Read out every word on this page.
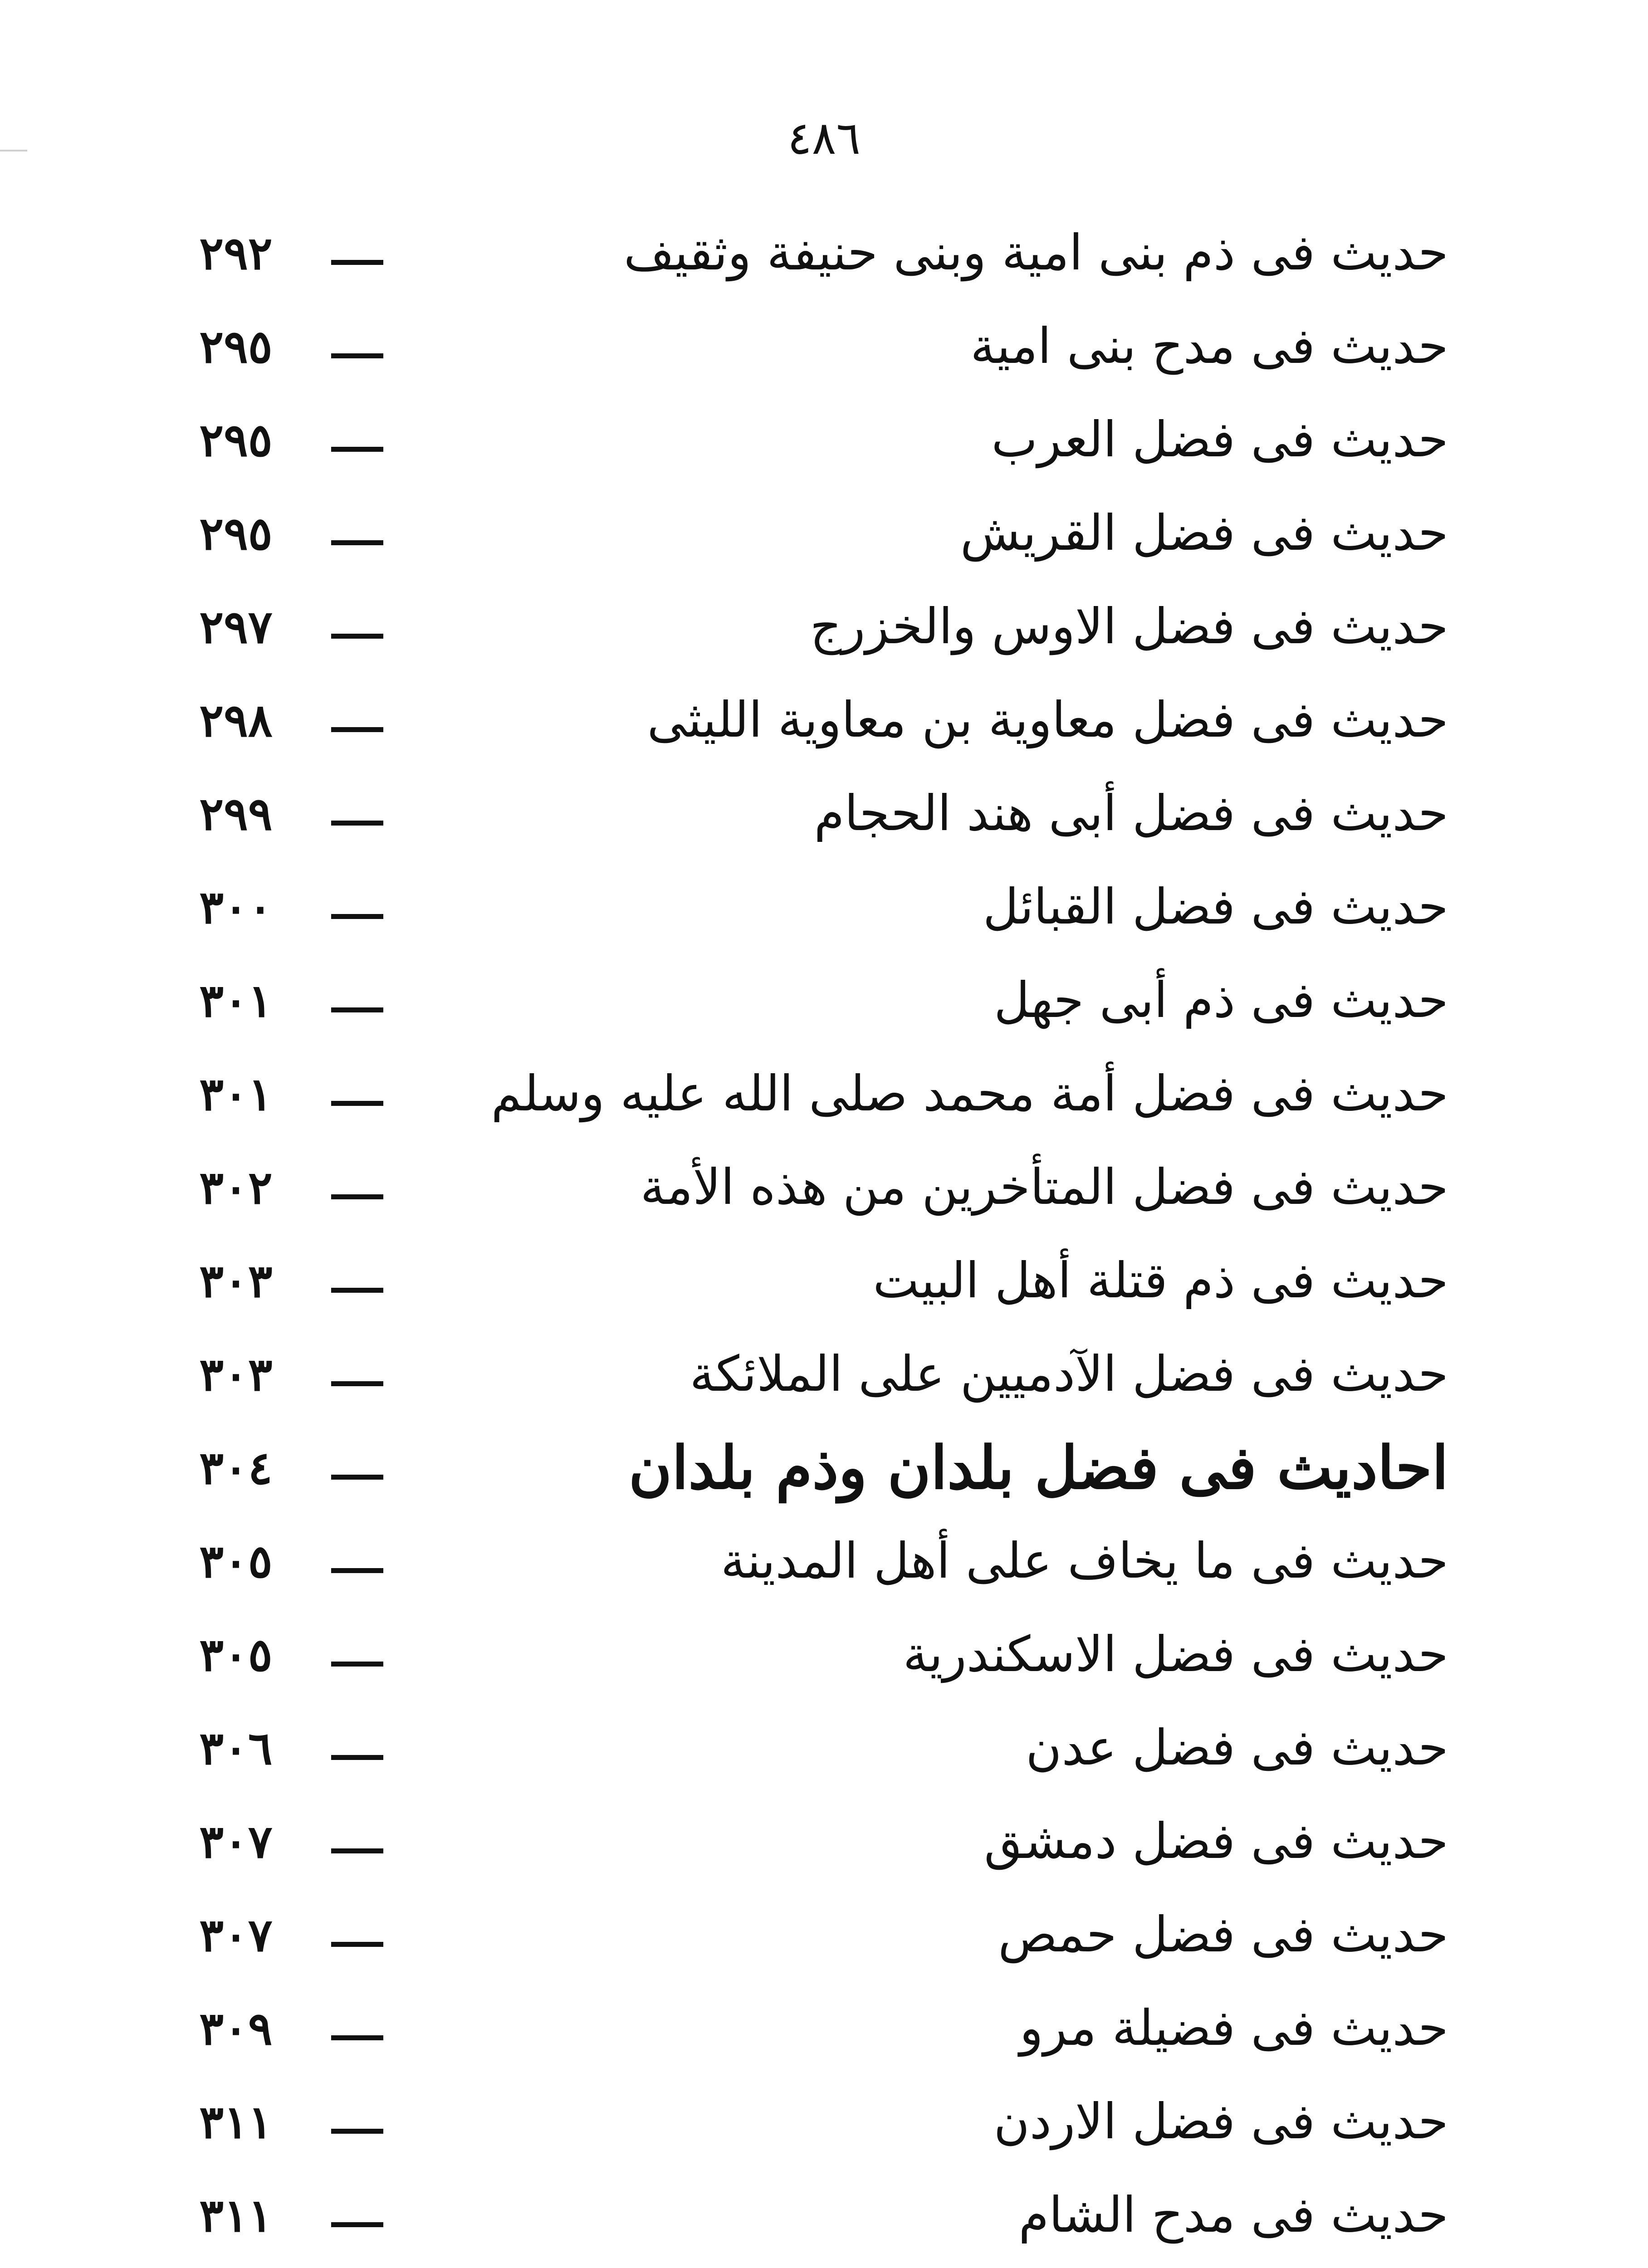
٤٨٦
حديث فى ذم بنى امية وبنى حنيفة وثقيف
٢٩٢
حديث فى مدح بنى امية
٢٩٥
حديث فى فضل العرب
٢٩٥
حديث فى فضل القريش
٢٩٥
حديث فى فضل الاوس والخزرج
٢٩٧
حديث فى فضل معاوية بن معاوية الليثى
٢٩٨
حديث فى فضل أبى هند الحجام
٢٩٩
حديث فى فضل القبائل
٣٠٠
حديث فى ذم أبى جهل
٣٠١
حديث فى فضل أمة محمد صلى الله عليه وسلم
٣٠١
حديث فى فضل المتأخرين من هذه الأمة
٣٠٢
حديث فى ذم قتلة أهل البيت
٣٠٣
حديث فى فضل الآدميين على الملائكة
٣٠٣
احاديث فى فضل بلدان وذم بلدان
٣٠٤
حديث فى ما يخاف على أهل المدينة
٣٠٥
حديث فى فضل الاسكندرية
٣٠٥
حديث فى فضل عدن
٣٠٦
حديث فى فضل دمشق
٣٠٧
حديث فى فضل حمص
٣٠٧
حديث فى فضيلة مرو
٣٠٩
حديث فى فضل الاردن
٣١١
حديث فى مدح الشام
٣١١
